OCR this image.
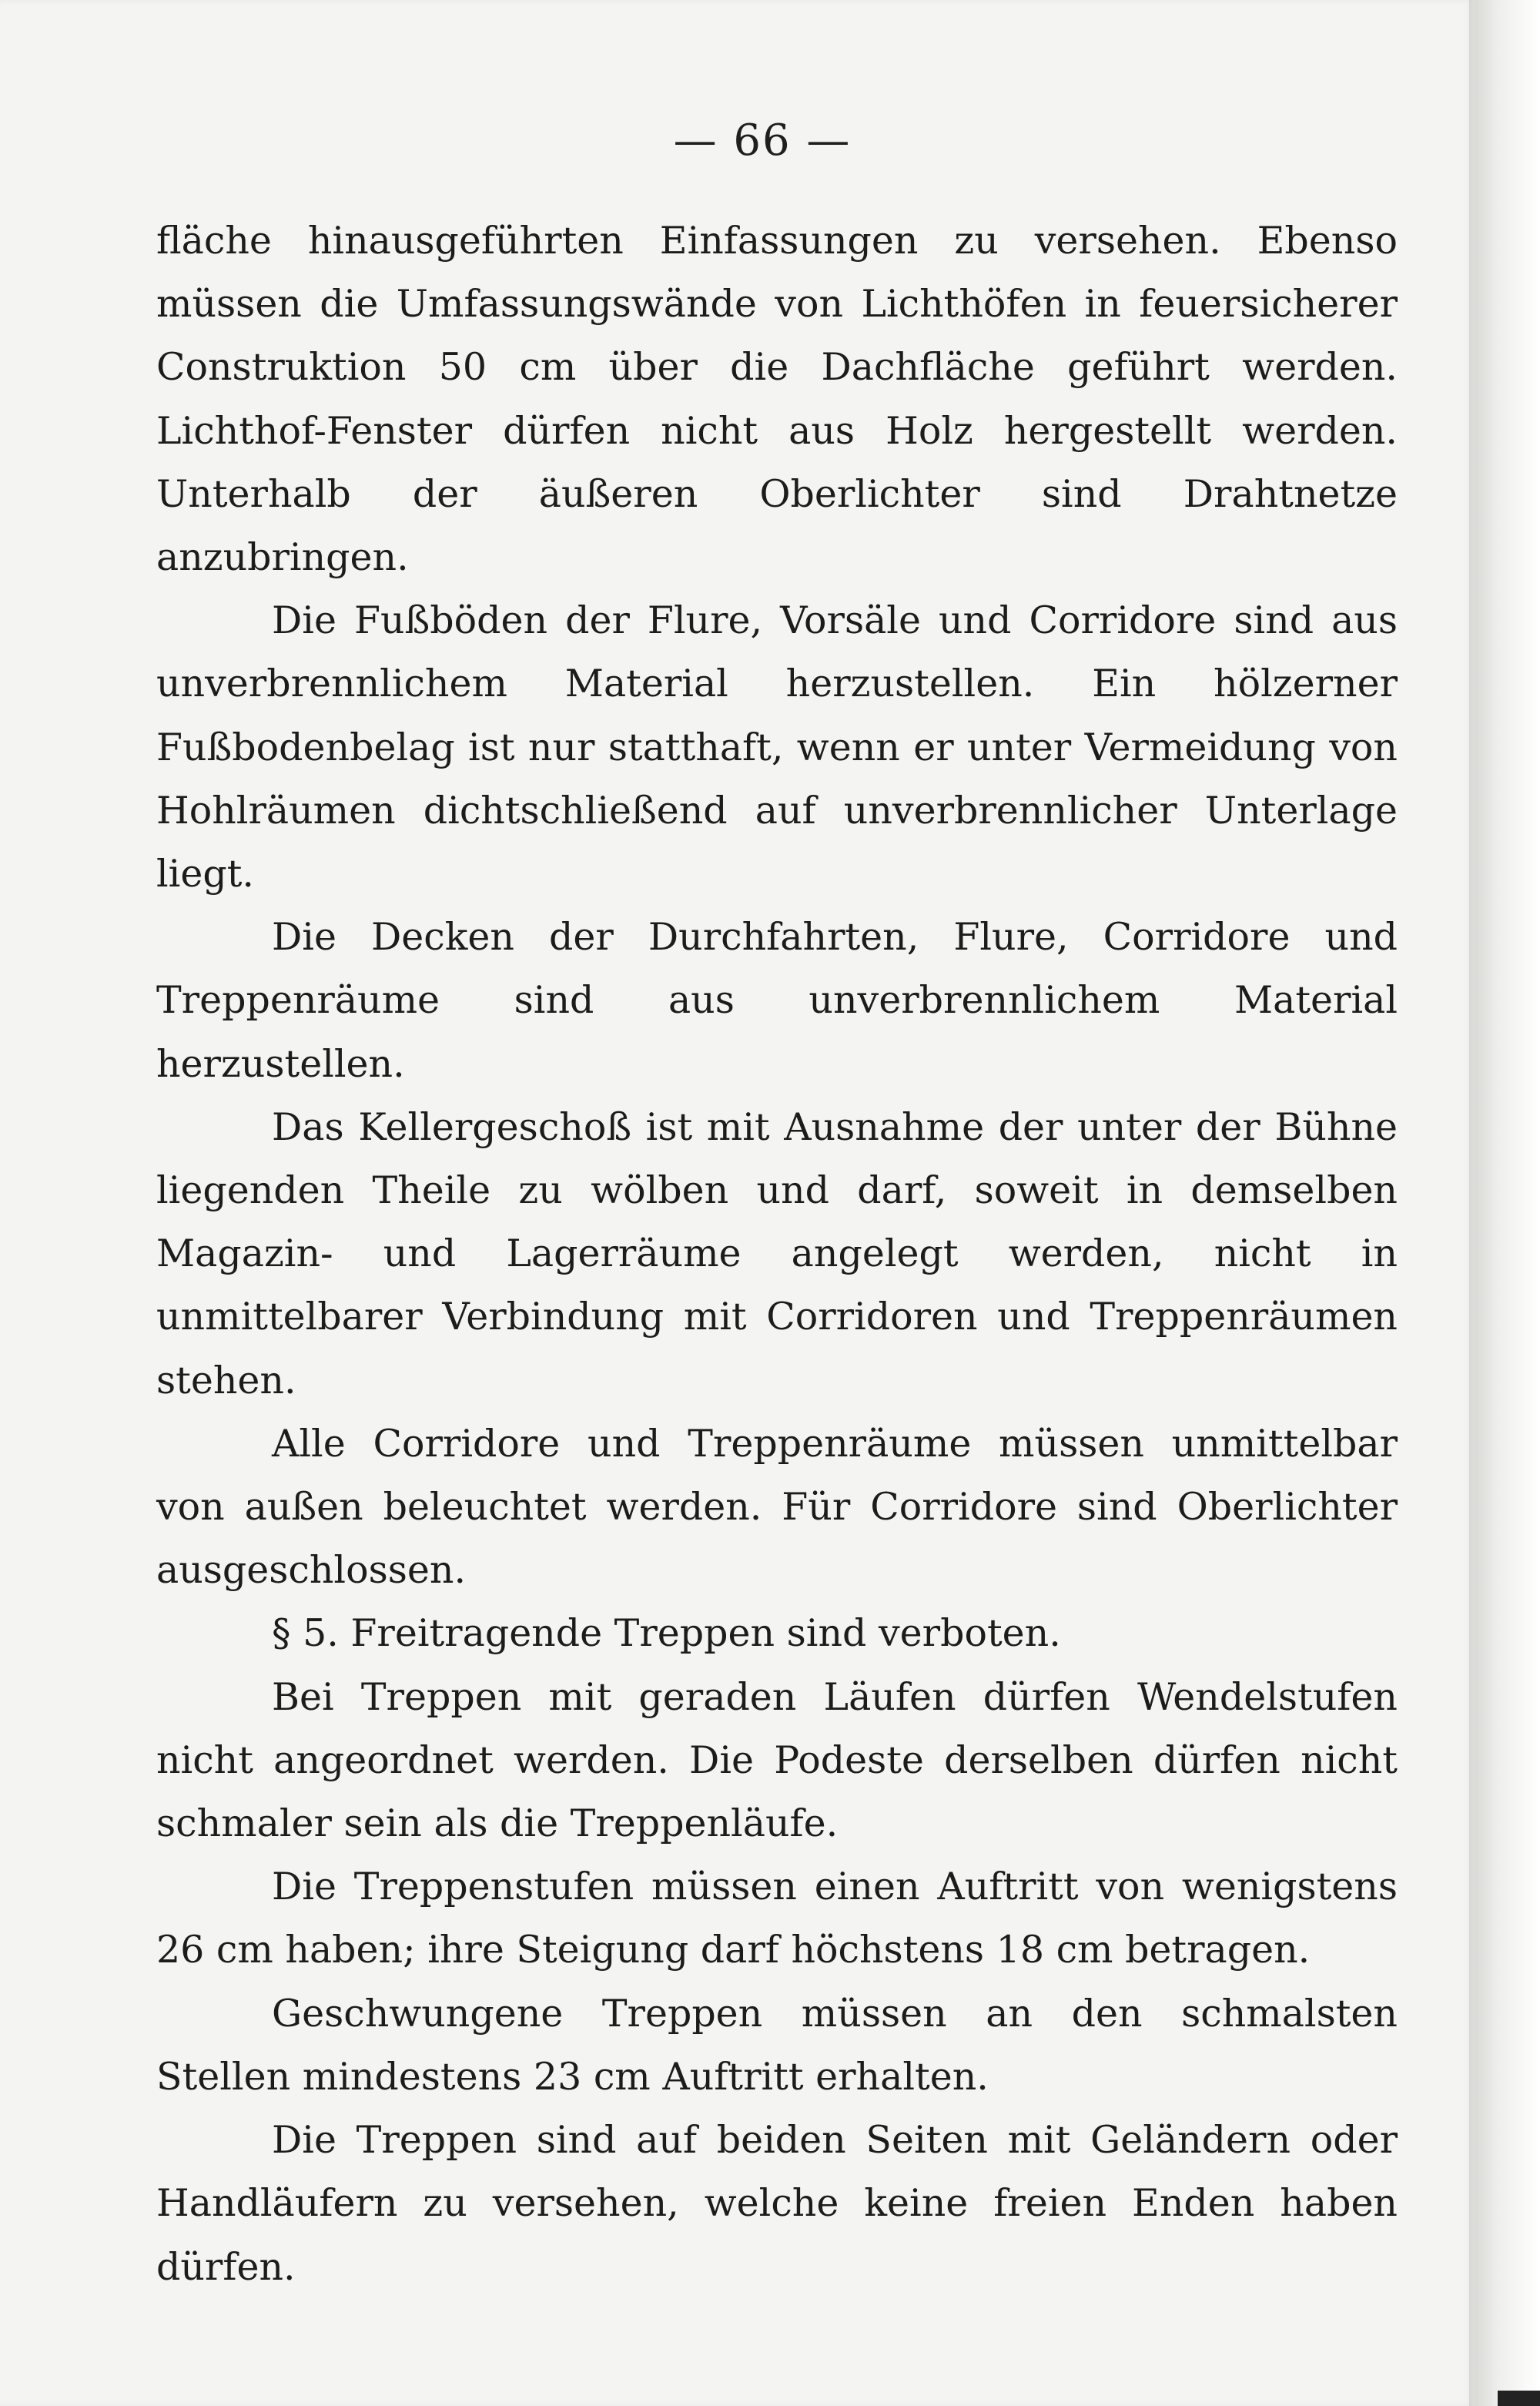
— 66 —

fläche hinausgeführten Einfassungen zu versehen. Ebenso müssen die Umfassungswände von Lichthöfen in feuersicherer Construktion 50 cm über die Dachfläche geführt werden. Lichthof-Fenster dürfen nicht aus Holz hergestellt werden. Unterhalb der äußeren Oberlichter sind Drahtnetze anzubringen.

Die Fußböden der Flure, Vorsäle und Corridore sind aus unverbrennlichem Material herzustellen. Ein hölzerner Fußbodenbelag ist nur statthaft, wenn er unter Vermeidung von Hohlräumen dichtschließend auf unverbrennlicher Unterlage liegt.

Die Decken der Durchfahrten, Flure, Corridore und Treppenräume sind aus unverbrennlichem Material herzustellen.

Das Kellergeschoß ist mit Ausnahme der unter der Bühne liegenden Theile zu wölben und darf, soweit in demselben Magazin- und Lagerräume angelegt werden, nicht in unmittelbarer Verbindung mit Corridoren und Treppenräumen stehen.

Alle Corridore und Treppenräume müssen unmittelbar von außen beleuchtet werden. Für Corridore sind Oberlichter ausgeschlossen.

§ 5. Freitragende Treppen sind verboten.

Bei Treppen mit geraden Läufen dürfen Wendelstufen nicht angeordnet werden. Die Podeste derselben dürfen nicht schmaler sein als die Treppenläufe.

Die Treppenstufen müssen einen Auftritt von wenigstens 26 cm haben; ihre Steigung darf höchstens 18 cm betragen.

Geschwungene Treppen müssen an den schmalsten Stellen mindestens 23 cm Auftritt erhalten.

Die Treppen sind auf beiden Seiten mit Geländern oder Handläufern zu versehen, welche keine freien Enden haben dürfen.
